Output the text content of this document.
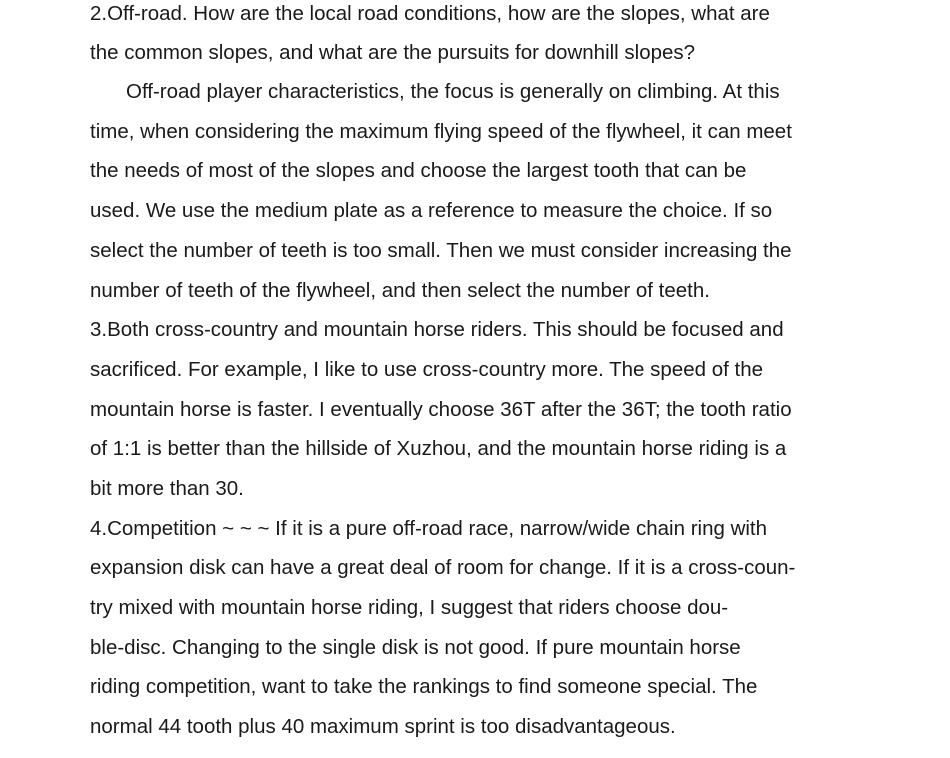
2.Off-road. How are the local road conditions, how are the slopes, what are
the common slopes, and what are the pursuits for downhill slopes?
Off-road player characteristics, the focus is generally on climbing. At this
time, when considering the maximum flying speed of the flywheel, it can meet
the needs of most of the slopes and choose the largest tooth that can be
used. We use the medium plate as a reference to measure the choice. If so
select the number of teeth is too small. Then we must consider increasing the
number of teeth of the flywheel, and then select the number of teeth.
3.Both cross-country and mountain horse riders. This should be focused and
sacrificed. For example, I like to use cross-country more. The speed of the
mountain horse is faster. I eventually choose 36T after the 36T; the tooth ratio
of 1:1 is better than the hillside of Xuzhou, and the mountain horse riding is a
bit more than 30.
4.Competition ~ ~ ~ If it is a pure off-road race, narrow/wide chain ring with
expansion disk can have a great deal of room for change. If it is a cross-coun-
try mixed with mountain horse riding, I suggest that riders choose dou-
ble-disc. Changing to the single disk is not good. If pure mountain horse
riding competition, want to take the rankings to find someone special. The
normal 44 tooth plus 40 maximum sprint is too disadvantageous.
